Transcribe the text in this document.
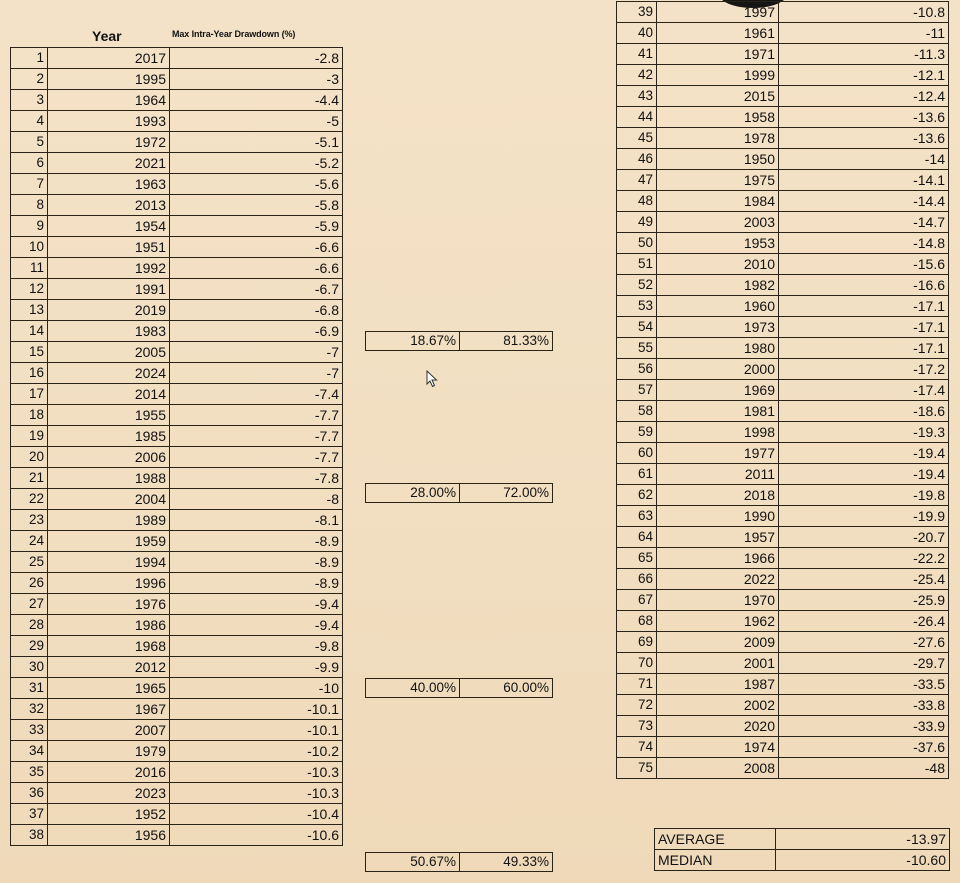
Year	Max Intra-Year Drawdown (%)
1	2017	-2.8
2	1995	-3
3	1964	-4.4
4	1993	-5
5	1972	-5.1
6	2021	-5.2
7	1963	-5.6
8	2013	-5.8
9	1954	-5.9
10	1951	-6.6
11	1992	-6.6
12	1991	-6.7
13	2019	-6.8
14	1983	-6.9
15	2005	-7
16	2024	-7
17	2014	-7.4
18	1955	-7.7
19	1985	-7.7
20	2006	-7.7
21	1988	-7.8
22	2004	-8
23	1989	-8.1
24	1959	-8.9
25	1994	-8.9
26	1996	-8.9
27	1976	-9.4
28	1986	-9.4
29	1968	-9.8
30	2012	-9.9
31	1965	-10
32	1967	-10.1
33	2007	-10.1
34	1979	-10.2
35	2016	-10.3
36	2023	-10.3
37	1952	-10.4
38	1956	-10.6
39	1997	-10.8
40	1961	-11
41	1971	-11.3
42	1999	-12.1
43	2015	-12.4
44	1958	-13.6
45	1978	-13.6
46	1950	-14
47	1975	-14.1
48	1984	-14.4
49	2003	-14.7
50	1953	-14.8
51	2010	-15.6
52	1982	-16.6
53	1960	-17.1
54	1973	-17.1
55	1980	-17.1
56	2000	-17.2
57	1969	-17.4
58	1981	-18.6
59	1998	-19.3
60	1977	-19.4
61	2011	-19.4
62	2018	-19.8
63	1990	-19.9
64	1957	-20.7
65	1966	-22.2
66	2022	-25.4
67	1970	-25.9
68	1962	-26.4
69	2009	-27.6
70	2001	-29.7
71	1987	-33.5
72	2002	-33.8
73	2020	-33.9
74	1974	-37.6
75	2008	-48
18.67%	81.33%
28.00%	72.00%
40.00%	60.00%
50.67%	49.33%
AVERAGE	-13.97
MEDIAN	-10.60
